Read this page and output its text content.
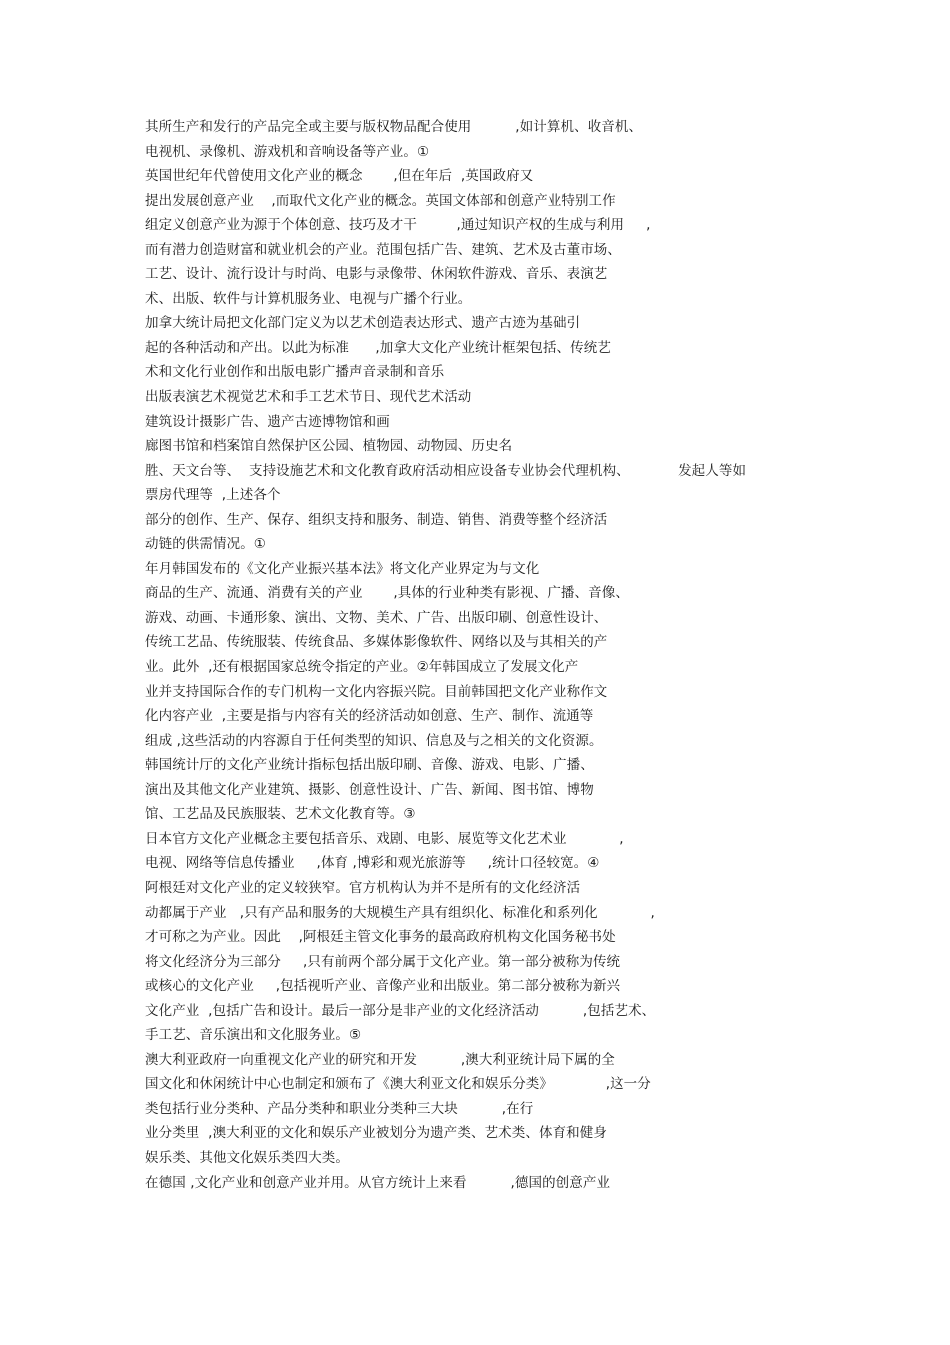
其所生产和发行的产品完全或主要与版权物品配合使用          ,如计算机、收音机、
电视机、录像机、游戏机和音响设备等产业。①
英国世纪年代曾使用文化产业的概念       ,但在年后  ,英国政府又
提出发展创意产业    ,而取代文化产业的概念。英国文体部和创意产业特别工作
组定义创意产业为源于个体创意、技巧及才干         ,通过知识产权的生成与利用     ,
而有潜力创造财富和就业机会的产业。范围包括广告、建筑、艺术及古董市场、
工艺、设计、流行设计与时尚、电影与录像带、休闲软件游戏、音乐、表演艺
术、出版、软件与计算机服务业、电视与广播个行业。
加拿大统计局把文化部门定义为以艺术创造表达形式、遗产古迹为基础引
起的各种活动和产出。以此为标准      ,加拿大文化产业统计框架包括、传统艺
术和文化行业创作和出版电影广播声音录制和音乐
出版表演艺术视觉艺术和手工艺术节日、现代艺术活动
建筑设计摄影广告、遗产古迹博物馆和画
廊图书馆和档案馆自然保护区公园、植物园、动物园、历史名
胜、天文台等、  支持设施艺术和文化教育政府活动相应设备专业协会代理机构、           发起人等如
票房代理等  ,上述各个
部分的创作、生产、保存、组织支持和服务、制造、销售、消费等整个经济活
动链的供需情况。①
年月韩国发布的《文化产业振兴基本法》将文化产业界定为与文化
商品的生产、流通、消费有关的产业       ,具体的行业种类有影视、广播、音像、
游戏、动画、卡通形象、演出、文物、美术、广告、出版印刷、创意性设计、
传统工艺品、传统服装、传统食品、多媒体影像软件、网络以及与其相关的产
业。此外  ,还有根据国家总统令指定的产业。②年韩国成立了发展文化产
业并支持国际合作的专门机构一文化内容振兴院。目前韩国把文化产业称作文
化内容产业  ,主要是指与内容有关的经济活动如创意、生产、制作、流通等
组成 ,这些活动的内容源自于任何类型的知识、信息及与之相关的文化资源。
韩国统计厅的文化产业统计指标包括出版印刷、音像、游戏、电影、广播、
演出及其他文化产业建筑、摄影、创意性设计、广告、新闻、图书馆、博物
馆、工艺品及民族服装、艺术文化教育等。③
日本官方文化产业概念主要包括音乐、戏剧、电影、展览等文化艺术业            ,
电视、网络等信息传播业     ,体育 ,博彩和观光旅游等     ,统计口径较宽。④
阿根廷对文化产业的定义较狭窄。官方机构认为并不是所有的文化经济活
动都属于产业   ,只有产品和服务的大规模生产具有组织化、标准化和系列化            ,
才可称之为产业。因此    ,阿根廷主管文化事务的最高政府机构文化国务秘书处
将文化经济分为三部分     ,只有前两个部分属于文化产业。第一部分被称为传统
或核心的文化产业     ,包括视听产业、音像产业和出版业。第二部分被称为新兴
文化产业  ,包括广告和设计。最后一部分是非产业的文化经济活动          ,包括艺术、
手工艺、音乐演出和文化服务业。⑤
澳大利亚政府一向重视文化产业的研究和开发          ,澳大利亚统计局下属的全
国文化和休闲统计中心也制定和颁布了《澳大利亚文化和娱乐分类》            ,这一分
类包括行业分类种、产品分类种和职业分类种三大块          ,在行
业分类里  ,澳大利亚的文化和娱乐产业被划分为遗产类、艺术类、体育和健身
娱乐类、其他文化娱乐类四大类。
在德国 ,文化产业和创意产业并用。从官方统计上来看          ,德国的创意产业
